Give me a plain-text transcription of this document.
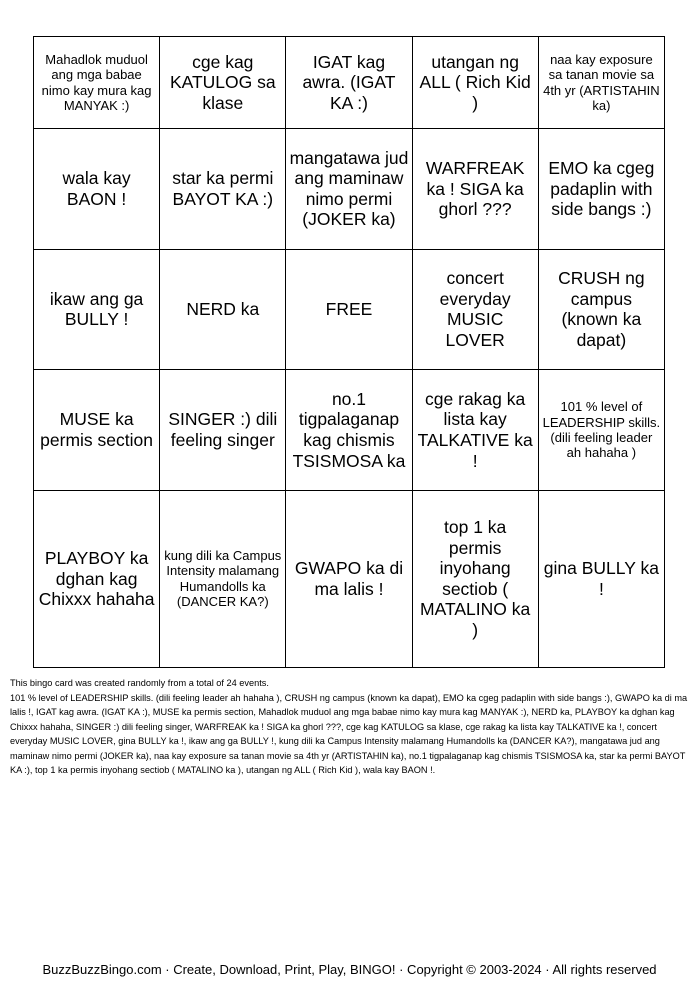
Mahadlok muduol ang mga babae nimo kay mura kag MANYAK :)	cge kag KATULOG sa klase	IGAT kag awra. (IGAT KA :)	utangan ng ALL ( Rich Kid )	naa kay exposure sa tanan movie sa 4th yr (ARTISTAHIN ka)
wala kay BAON !	star ka permi BAYOT KA :)	mangatawa jud ang maminaw nimo permi (JOKER ka)	WARFREAK ka ! SIGA ka ghorl ???	EMO ka cgeg padaplin with side bangs :)
ikaw ang ga BULLY !	NERD ka	FREE	concert everyday MUSIC LOVER	CRUSH ng campus (known ka dapat)
MUSE ka permis section	SINGER :) dili feeling singer	no.1 tigpalaganap kag chismis TSISMOSA ka	cge rakag ka lista kay TALKATIVE ka !	101 % level of LEADERSHIP skills. (dili feeling leader ah hahaha )
PLAYBOY ka dghan kag Chixxx hahaha	kung dili ka Campus Intensity malamang Humandolls ka (DANCER KA?)	GWAPO ka di ma lalis !	top 1 ka permis inyohang sectiob ( MATALINO ka )	gina BULLY ka !

This bingo card was created randomly from a total of 24 events.

101 % level of LEADERSHIP skills. (dili feeling leader ah hahaha ), CRUSH ng campus (known ka dapat), EMO ka cgeg padaplin with side bangs :), GWAPO ka di ma lalis !, IGAT kag awra. (IGAT KA :), MUSE ka permis section, Mahadlok muduol ang mga babae nimo kay mura kag MANYAK :), NERD ka, PLAYBOY ka dghan kag Chixxx hahaha, SINGER :) dili feeling singer, WARFREAK ka ! SIGA ka ghorl ???, cge kag KATULOG sa klase, cge rakag ka lista kay TALKATIVE ka !, concert everyday MUSIC LOVER, gina BULLY ka !, ikaw ang ga BULLY !, kung dili ka Campus Intensity malamang Humandolls ka (DANCER KA?), mangatawa jud ang maminaw nimo permi (JOKER ka), naa kay exposure sa tanan movie sa 4th yr (ARTISTAHIN ka), no.1 tigpalaganap kag chismis TSISMOSA ka, star ka permi BAYOT KA :), top 1 ka permis inyohang sectiob ( MATALINO ka ), utangan ng ALL ( Rich Kid ), wala kay BAON !.

BuzzBuzzBingo.com · Create, Download, Print, Play, BINGO! · Copyright © 2003-2024 · All rights reserved
